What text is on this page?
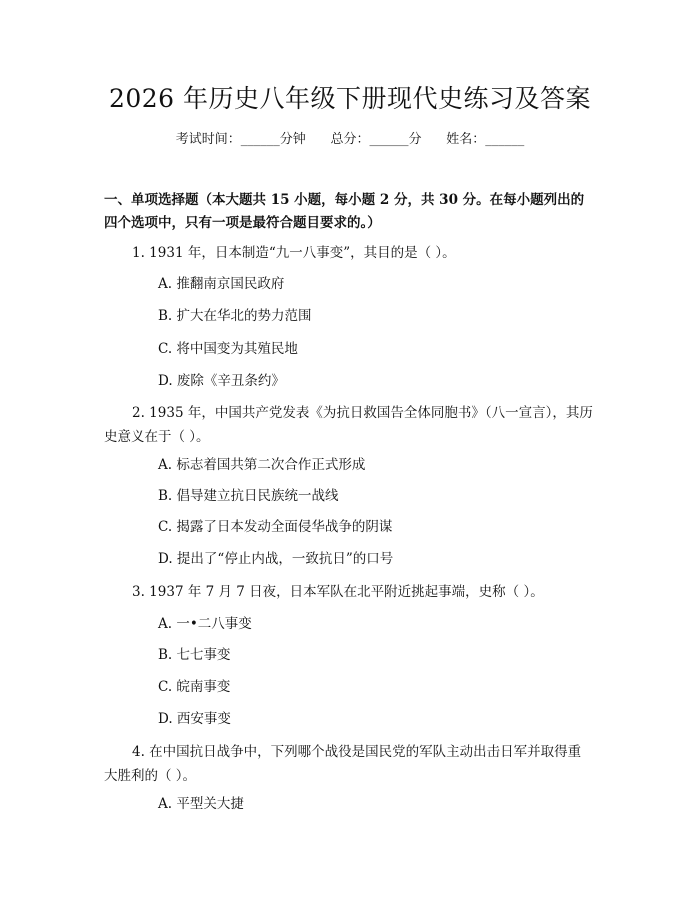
2026 年历史八年级下册现代史练习及答案
考试时间：______分钟      总分：______分      姓名：______
一、单项选择题（本大题共 15 小题，每小题 2 分，共 30 分。在每小题列出的四个选项中，只有一项是最符合题目要求的。）
1. 1931 年，日本制造“九一八事变”，其目的是（ ）。
A. 推翻南京国民政府
B. 扩大在华北的势力范围
C. 将中国变为其殖民地
D. 废除《辛丑条约》
2. 1935 年，中国共产党发表《为抗日救国告全体同胞书》（八一宣言），其历史意义在于（ ）。
A. 标志着国共第二次合作正式形成
B. 倡导建立抗日民族统一战线
C. 揭露了日本发动全面侵华战争的阴谋
D. 提出了“停止内战，一致抗日”的口号
3. 1937 年 7 月 7 日夜，日本军队在北平附近挑起事端，史称（ ）。
A. 一•二八事变
B. 七七事变
C. 皖南事变
D. 西安事变
4. 在中国抗日战争中，下列哪个战役是国民党的军队主动出击日军并取得重大胜利的（ ）。
A. 平型关大捷
